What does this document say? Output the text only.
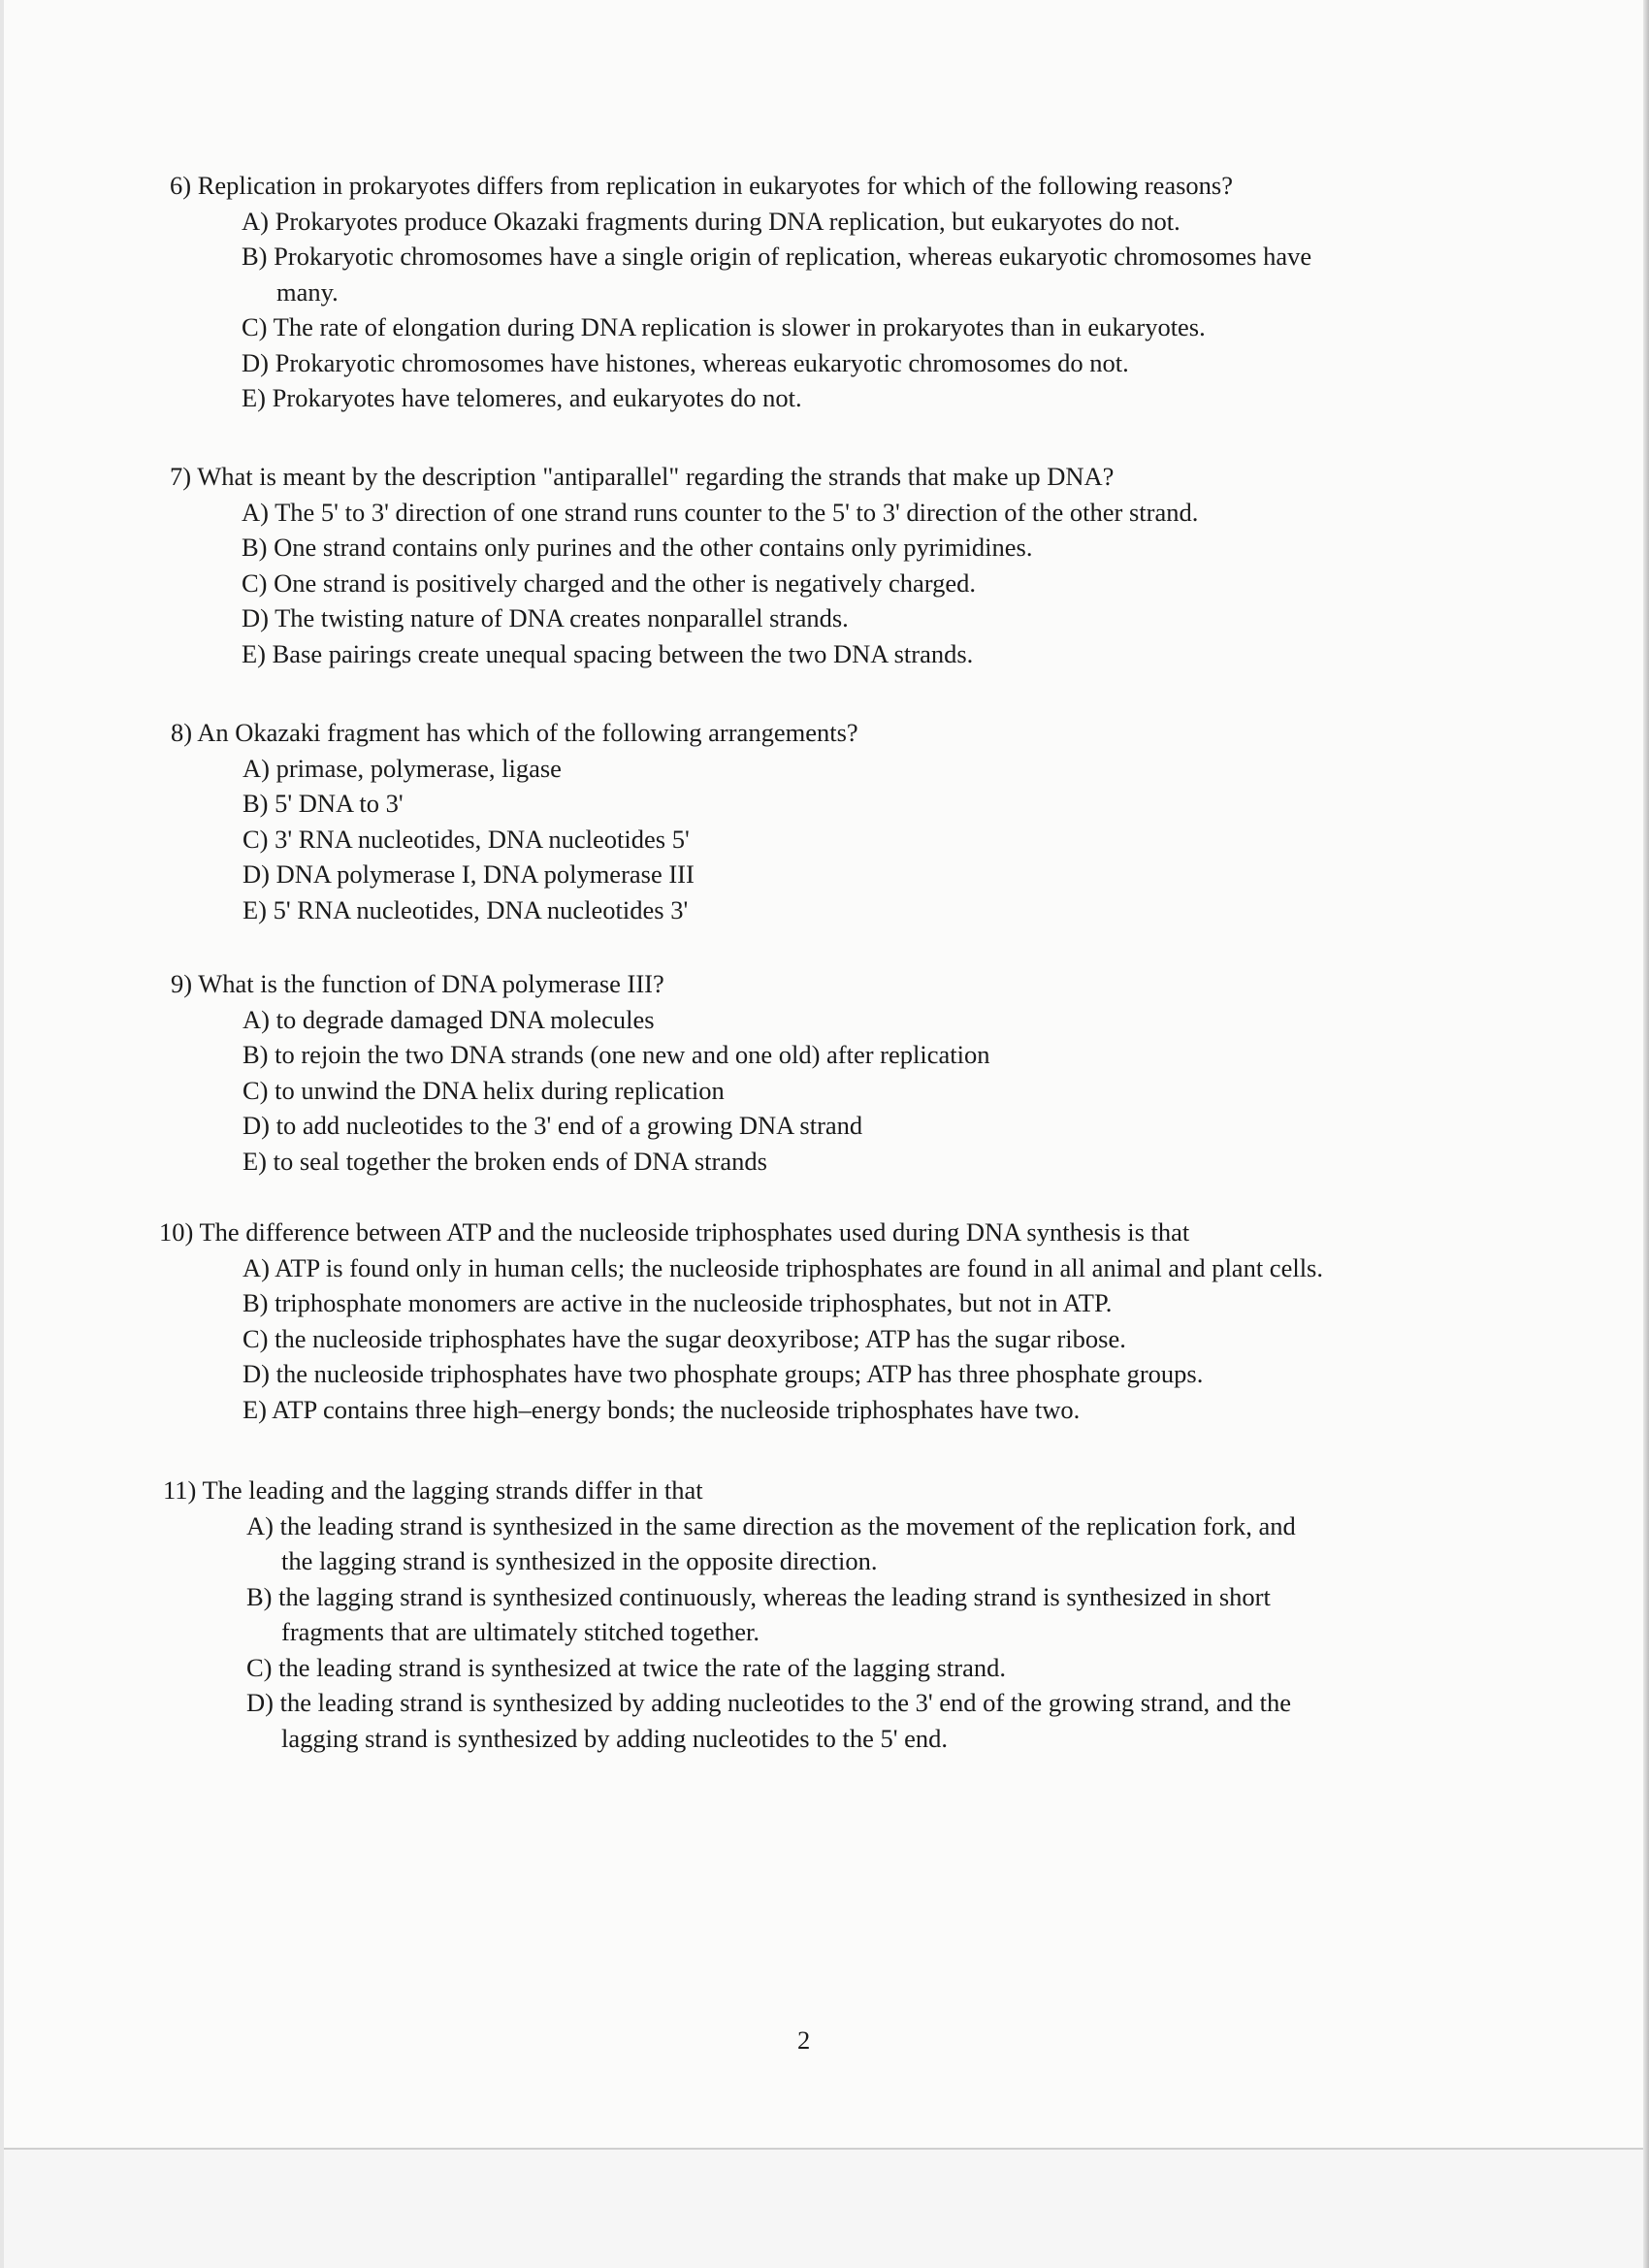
6) Replication in prokaryotes differs from replication in eukaryotes for which of the following reasons?
A) Prokaryotes produce Okazaki fragments during DNA replication, but eukaryotes do not.
B) Prokaryotic chromosomes have a single origin of replication, whereas eukaryotic chromosomes have
many.
C) The rate of elongation during DNA replication is slower in prokaryotes than in eukaryotes.
D) Prokaryotic chromosomes have histones, whereas eukaryotic chromosomes do not.
E) Prokaryotes have telomeres, and eukaryotes do not.
7) What is meant by the description "antiparallel" regarding the strands that make up DNA?
A) The 5' to 3' direction of one strand runs counter to the 5' to 3' direction of the other strand.
B) One strand contains only purines and the other contains only pyrimidines.
C) One strand is positively charged and the other is negatively charged.
D) The twisting nature of DNA creates nonparallel strands.
E) Base pairings create unequal spacing between the two DNA strands.
8) An Okazaki fragment has which of the following arrangements?
A) primase, polymerase, ligase
B) 5' DNA to 3'
C) 3' RNA nucleotides, DNA nucleotides 5'
D) DNA polymerase I, DNA polymerase III
E) 5' RNA nucleotides, DNA nucleotides 3'
9) What is the function of DNA polymerase III?
A) to degrade damaged DNA molecules
B) to rejoin the two DNA strands (one new and one old) after replication
C) to unwind the DNA helix during replication
D) to add nucleotides to the 3' end of a growing DNA strand
E) to seal together the broken ends of DNA strands
10) The difference between ATP and the nucleoside triphosphates used during DNA synthesis is that
A) ATP is found only in human cells; the nucleoside triphosphates are found in all animal and plant cells.
B) triphosphate monomers are active in the nucleoside triphosphates, but not in ATP.
C) the nucleoside triphosphates have the sugar deoxyribose; ATP has the sugar ribose.
D) the nucleoside triphosphates have two phosphate groups; ATP has three phosphate groups.
E) ATP contains three high–energy bonds; the nucleoside triphosphates have two.
11) The leading and the lagging strands differ in that
A) the leading strand is synthesized in the same direction as the movement of the replication fork, and
the lagging strand is synthesized in the opposite direction.
B) the lagging strand is synthesized continuously, whereas the leading strand is synthesized in short
fragments that are ultimately stitched together.
C) the leading strand is synthesized at twice the rate of the lagging strand.
D) the leading strand is synthesized by adding nucleotides to the 3' end of the growing strand, and the
lagging strand is synthesized by adding nucleotides to the 5' end.
2
